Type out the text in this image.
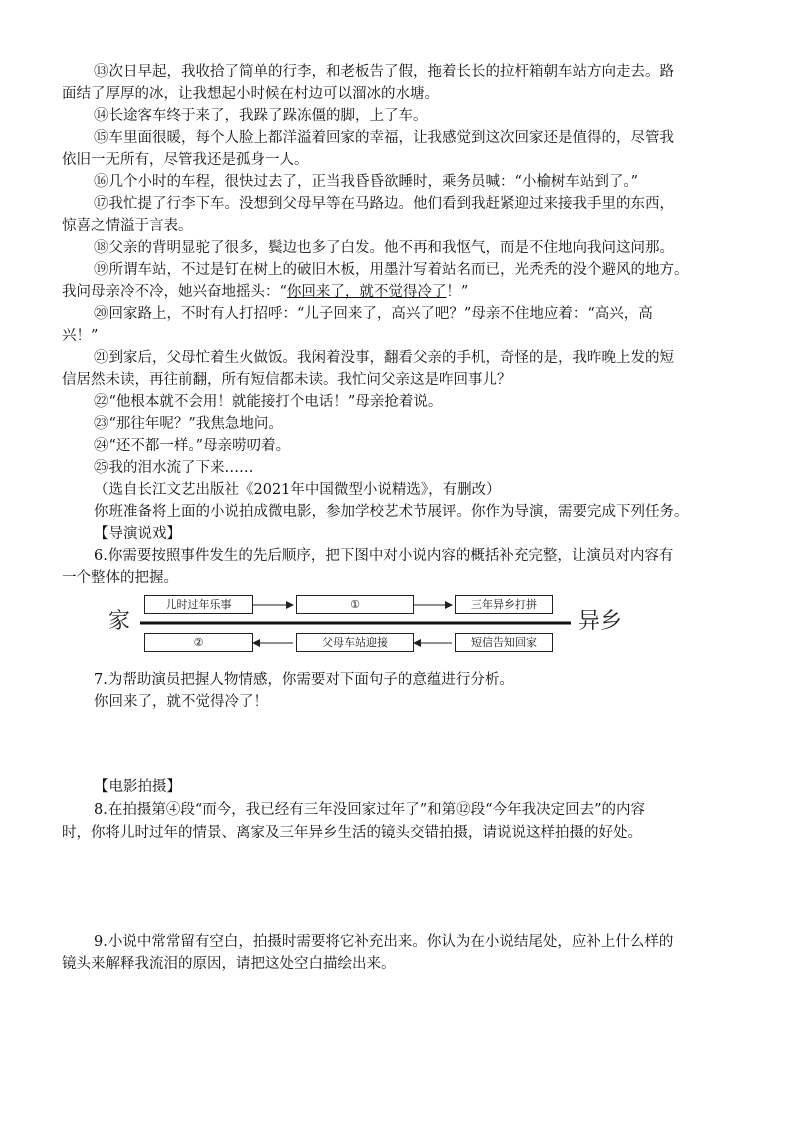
⑬次日早起，我收拾了简单的行李，和老板告了假，拖着长长的拉杆箱朝车站方向走去。路
面结了厚厚的冰，让我想起小时候在村边可以溜冰的水塘。
⑭长途客车终于来了，我跺了跺冻僵的脚，上了车。
⑮车里面很暖，每个人脸上都洋溢着回家的幸福，让我感觉到这次回家还是值得的，尽管我
依旧一无所有，尽管我还是孤身一人。
⑯几个小时的车程，很快过去了，正当我昏昏欲睡时，乘务员喊：“小榆树车站到了。”
⑰我忙提了行李下车。没想到父母早等在马路边。他们看到我赶紧迎过来接我手里的东西，
惊喜之情溢于言表。
⑱父亲的背明显驼了很多，鬓边也多了白发。他不再和我怄气，而是不住地向我问这问那。
⑲所谓车站，不过是钉在树上的破旧木板，用墨汁写着站名而已，光秃秃的没个避风的地方。
我问母亲冷不冷，她兴奋地摇头：“你回来了，就不觉得冷了！”
⑳回家路上，不时有人打招呼：“儿子回来了，高兴了吧？”母亲不住地应着：“高兴，高
兴！”
㉑到家后，父母忙着生火做饭。我闲着没事，翻看父亲的手机，奇怪的是，我昨晚上发的短
信居然未读，再往前翻，所有短信都未读。我忙问父亲这是咋回事儿？
㉒“他根本就不会用！就能接打个电话！”母亲抢着说。
㉓“那往年呢？”我焦急地问。
㉔“还不都一样。”母亲唠叨着。
㉕我的泪水流了下来……
（选自长江文艺出版社《2021年中国微型小说精选》，有删改）
你班准备将上面的小说拍成微电影，参加学校艺术节展评。你作为导演，需要完成下列任务。
【导演说戏】
6.你需要按照事件发生的先后顺序，把下图中对小说内容的概括补充完整，让演员对内容有
一个整体的把握。
家	异乡
儿时过年乐事	①	三年异乡打拼
②	父母车站迎接	短信告知回家
7.为帮助演员把握人物情感，你需要对下面句子的意蕴进行分析。
你回来了，就不觉得冷了！
【电影拍摄】
8.在拍摄第④段“而今，我已经有三年没回家过年了”和第⑫段“今年我决定回去”的内容
时，你将儿时过年的情景、离家及三年异乡生活的镜头交错拍摄，请说说这样拍摄的好处。
9.小说中常常留有空白，拍摄时需要将它补充出来。你认为在小说结尾处，应补上什么样的
镜头来解释我流泪的原因，请把这处空白描绘出来。
